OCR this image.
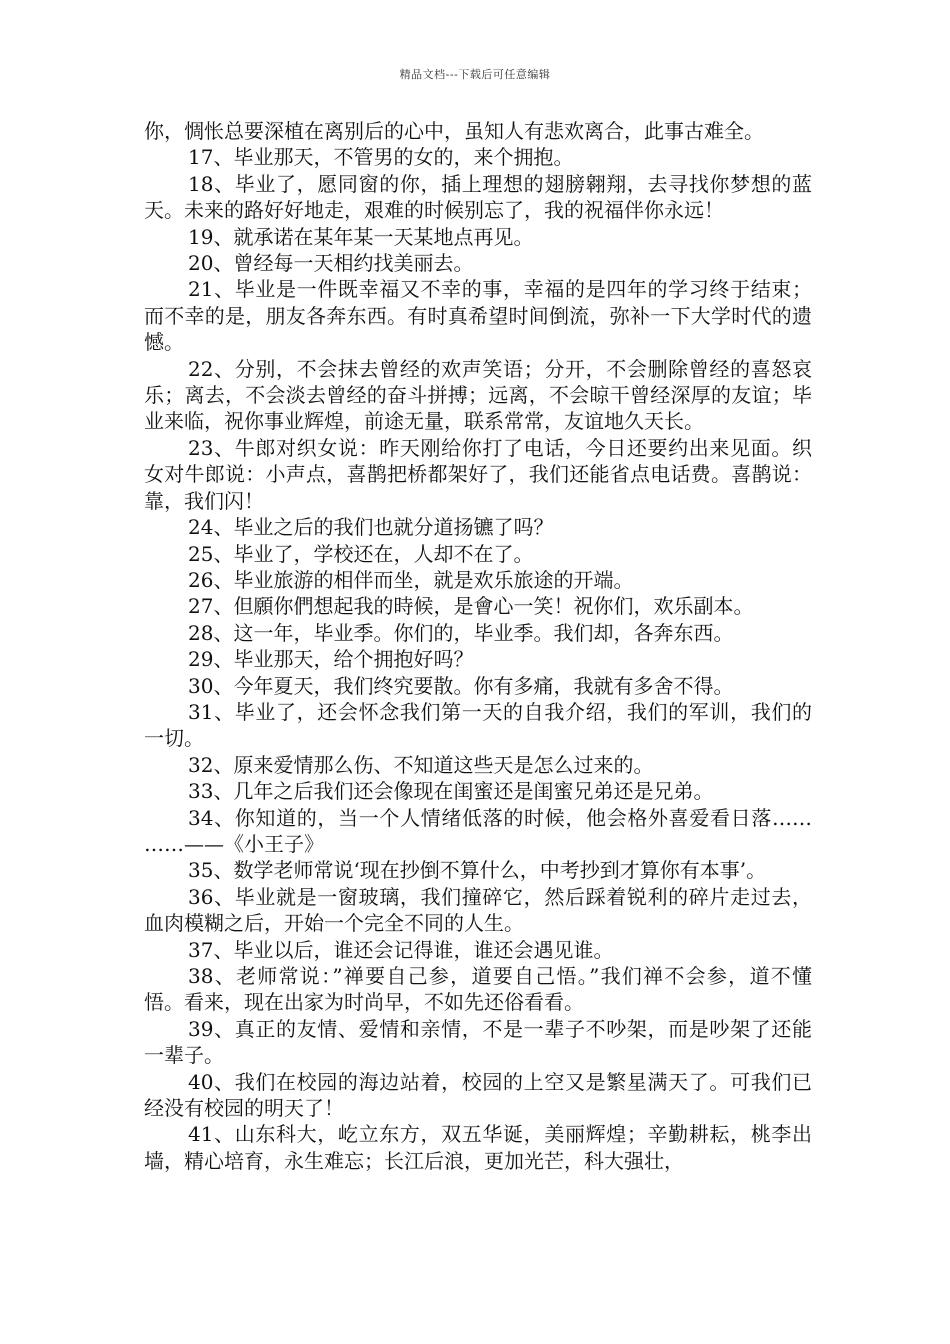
精品文档---下载后可任意编辑

你，惆怅总要深植在离别后的心中，虽知人有悲欢离合，此事古难全。

17、毕业那天，不管男的女的，来个拥抱。

18、毕业了，愿同窗的你，插上理想的翅膀翱翔，去寻找你梦想的蓝天。未来的路好好地走，艰难的时候别忘了，我的祝福伴你永远！

19、就承诺在某年某一天某地点再见。

20、曾经每一天相约找美丽去。

21、毕业是一件既幸福又不幸的事，幸福的是四年的学习终于结束；而不幸的是，朋友各奔东西。有时真希望时间倒流，弥补一下大学时代的遗憾。

22、分别，不会抹去曾经的欢声笑语；分开，不会删除曾经的喜怒哀乐；离去，不会淡去曾经的奋斗拼搏；远离，不会晾干曾经深厚的友谊；毕业来临，祝你事业辉煌，前途无量，联系常常，友谊地久天长。

23、牛郎对织女说：昨天刚给你打了电话，今日还要约出来见面。织女对牛郎说：小声点，喜鹊把桥都架好了，我们还能省点电话费。喜鹊说：靠，我们闪！

24、毕业之后的我们也就分道扬镳了吗？

25、毕业了，学校还在，人却不在了。

26、毕业旅游的相伴而坐，就是欢乐旅途的开端。

27、但願你們想起我的時候，是會心一笑！祝你们，欢乐副本。

28、这一年，毕业季。你们的，毕业季。我们却，各奔东西。

29、毕业那天，给个拥抱好吗？

30、今年夏天，我们终究要散。你有多痛，我就有多舍不得。

31、毕业了，还会怀念我们第一天的自我介绍，我们的军训，我们的一切。

32、原来爱情那么伤、不知道这些天是怎么过来的。

33、几年之后我们还会像现在闺蜜还是闺蜜兄弟还是兄弟。

34、你知道的，当一个人情绪低落的时候，他会格外喜爱看日落…… ……——《小王子》

35、数学老师常说‘现在抄倒不算什么，中考抄到才算你有本事’。

36、毕业就是一窗玻璃，我们撞碎它，然后踩着锐利的碎片走过去，血肉模糊之后，开始一个完全不同的人生。

37、毕业以后，谁还会记得谁，谁还会遇见谁。

38、老师常说：”禅要自己参，道要自己悟。”我们禅不会参，道不懂悟。看来，现在出家为时尚早，不如先还俗看看。

39、真正的友情、爱情和亲情，不是一辈子不吵架，而是吵架了还能一辈子。

40、我们在校园的海边站着，校园的上空又是繁星满天了。可我们已经没有校园的明天了！

41、山东科大，屹立东方，双五华诞，美丽辉煌；辛勤耕耘，桃李出墙，精心培育，永生难忘；长江后浪，更加光芒，科大强壮，
